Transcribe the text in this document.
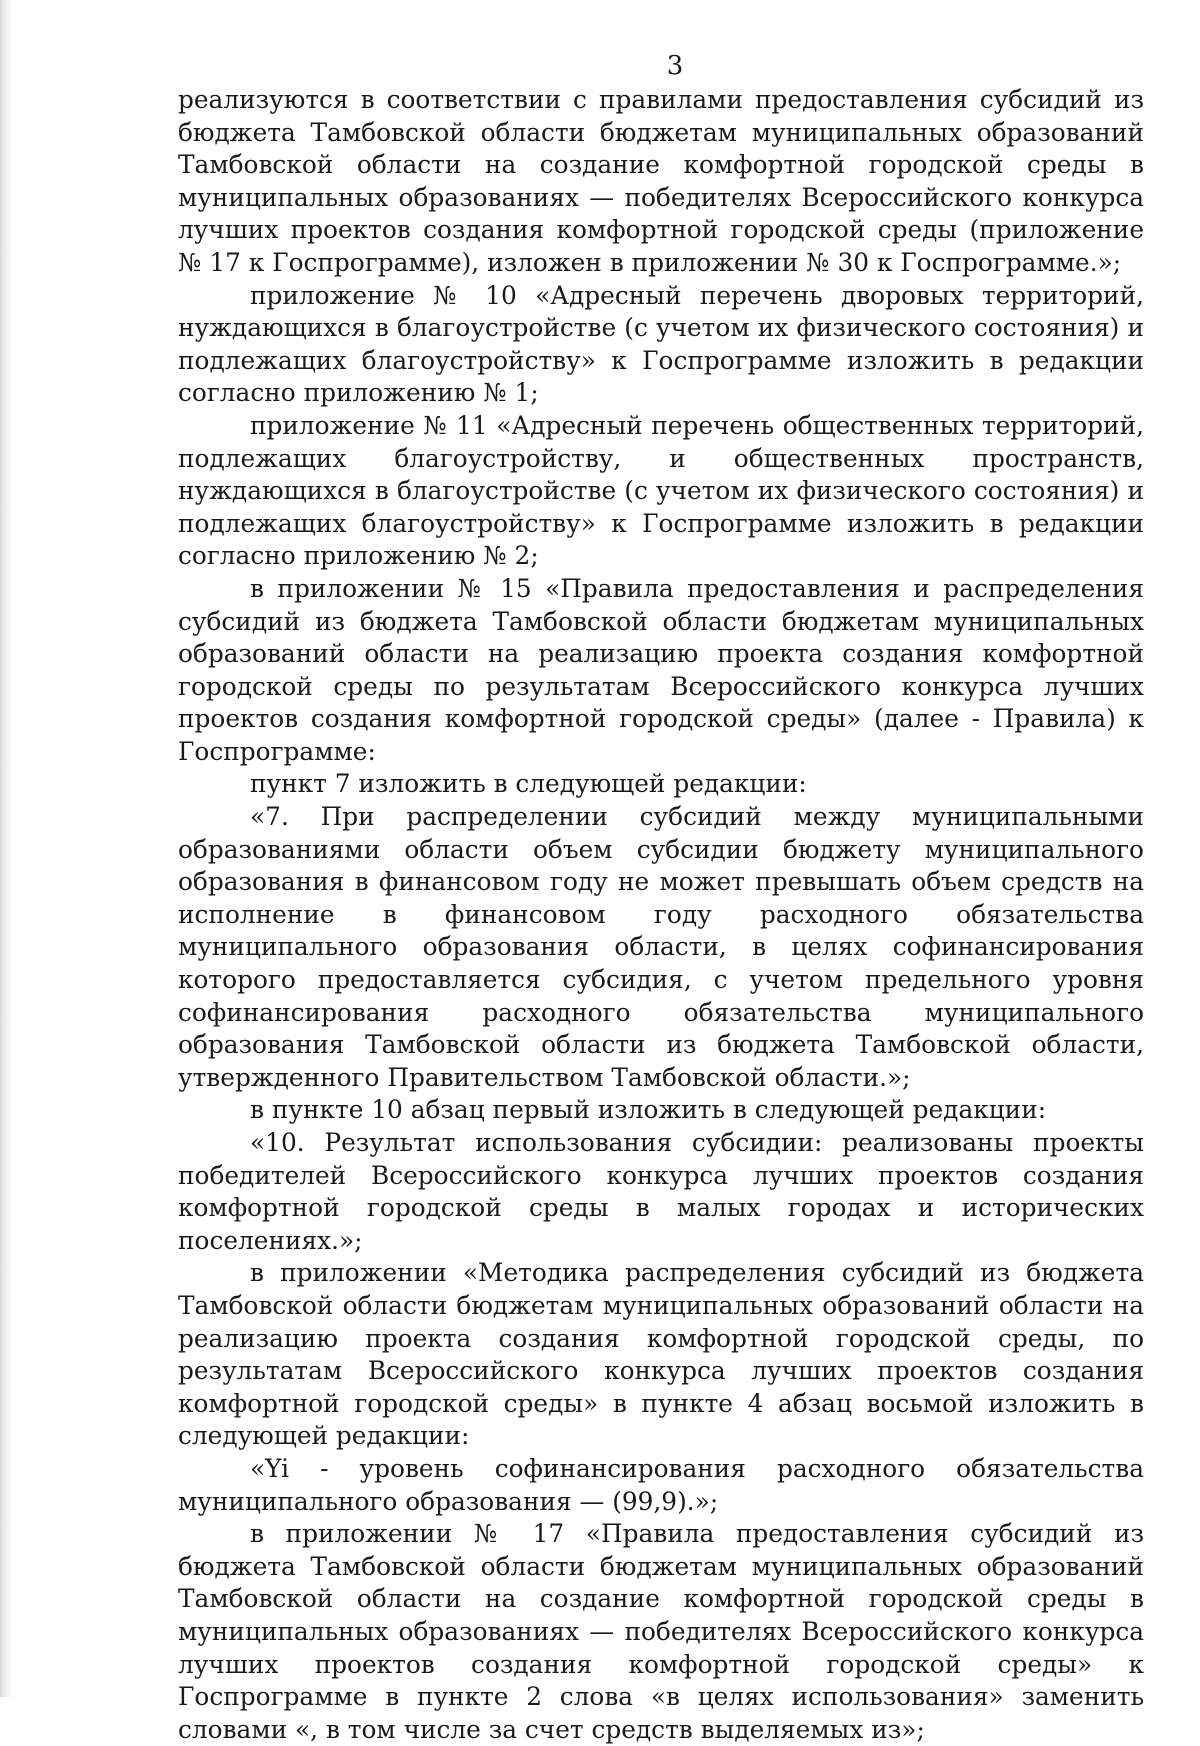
3

реализуются в соответствии с правилами предоставления субсидий из бюджета Тамбовской области бюджетам муниципальных образований Тамбовской области на создание комфортной городской среды в муниципальных образованиях — победителях Всероссийского конкурса лучших проектов создания комфортной городской среды (приложение № 17 к Госпрограмме), изложен в приложении № 30 к Госпрограмме.»;

приложение № 10 «Адресный перечень дворовых территорий, нуждающихся в благоустройстве (с учетом их физического состояния) и подлежащих благоустройству» к Госпрограмме изложить в редакции согласно приложению № 1;

приложение № 11 «Адресный перечень общественных территорий, подлежащих благоустройству, и общественных пространств, нуждающихся в благоустройстве (с учетом их физического состояния) и подлежащих благоустройству» к Госпрограмме изложить в редакции согласно приложению № 2;

в приложении № 15 «Правила предоставления и распределения субсидий из бюджета Тамбовской области бюджетам муниципальных образований области на реализацию проекта создания комфортной городской среды по результатам Всероссийского конкурса лучших проектов создания комфортной городской среды» (далее - Правила) к Госпрограмме:

пункт 7 изложить в следующей редакции:

«7. При распределении субсидий между муниципальными образованиями области объем субсидии бюджету муниципального образования в финансовом году не может превышать объем средств на исполнение в финансовом году расходного обязательства муниципального образования области, в целях софинансирования которого предоставляется субсидия, с учетом предельного уровня софинансирования расходного обязательства муниципального образования Тамбовской области из бюджета Тамбовской области, утвержденного Правительством Тамбовской области.»;

в пункте 10 абзац первый изложить в следующей редакции:

«10. Результат использования субсидии: реализованы проекты победителей Всероссийского конкурса лучших проектов создания комфортной городской среды в малых городах и исторических поселениях.»;

в приложении «Методика распределения субсидий из бюджета Тамбовской области бюджетам муниципальных образований области на реализацию проекта создания комфортной городской среды, по результатам Всероссийского конкурса лучших проектов создания комфортной городской среды» в пункте 4 абзац восьмой изложить в следующей редакции:

«Yi - уровень софинансирования расходного обязательства муниципального образования — (99,9).»;

в приложении № 17 «Правила предоставления субсидий из бюджета Тамбовской области бюджетам муниципальных образований Тамбовской области на создание комфортной городской среды в муниципальных образованиях — победителях Всероссийского конкурса лучших проектов создания комфортной городской среды» к Госпрограмме в пункте 2 слова «в целях использования» заменить словами «, в том числе за счет средств выделяемых из»;
